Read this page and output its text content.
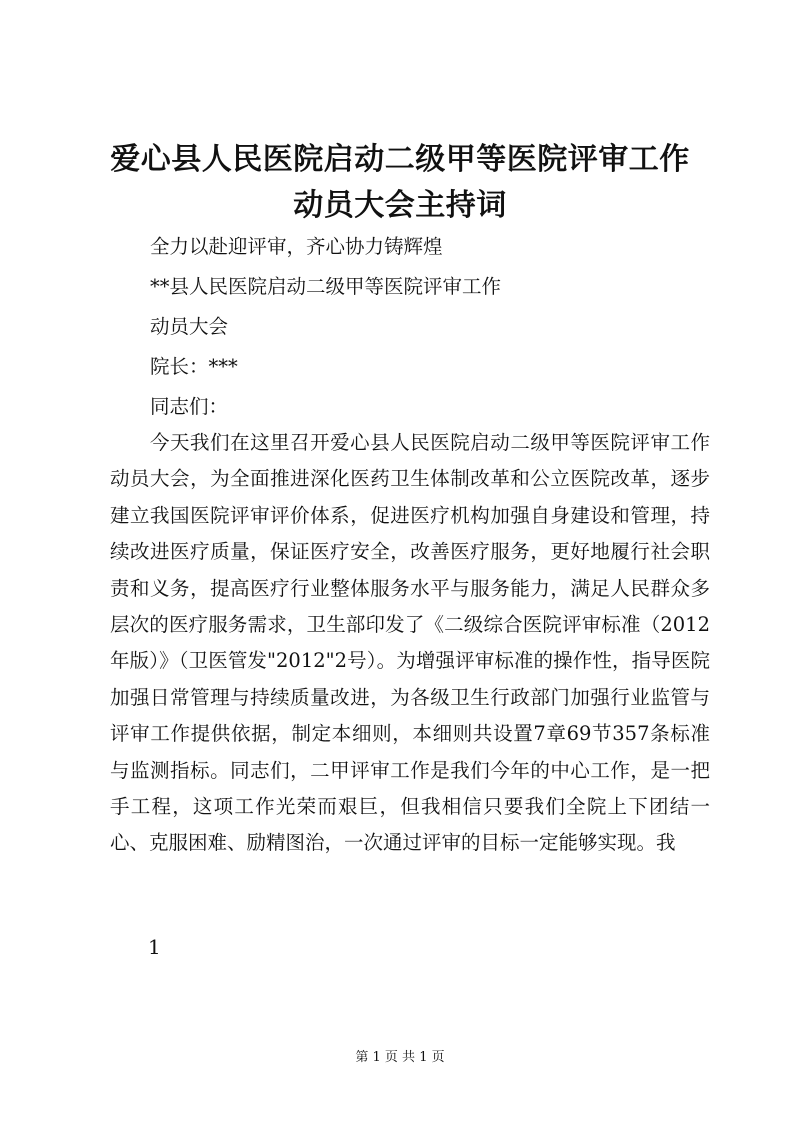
爱心县人民医院启动二级甲等医院评审工作动员大会主持词

全力以赴迎评审，齐心协力铸辉煌

**县人民医院启动二级甲等医院评审工作

动员大会

院长：***

同志们：

今天我们在这里召开爱心县人民医院启动二级甲等医院评审工作动员大会，为全面推进深化医药卫生体制改革和公立医院改革，逐步建立我国医院评审评价体系，促进医疗机构加强自身建设和管理，持续改进医疗质量，保证医疗安全，改善医疗服务，更好地履行社会职责和义务，提高医疗行业整体服务水平与服务能力，满足人民群众多层次的医疗服务需求，卫生部印发了《二级综合医院评审标准（2012年版）》（卫医管发"2012"2号）。为增强评审标准的操作性，指导医院加强日常管理与持续质量改进，为各级卫生行政部门加强行业监管与评审工作提供依据，制定本细则，本细则共设置7章69节357条标准与监测指标。同志们，二甲评审工作是我们今年的中心工作，是一把手工程，这项工作光荣而艰巨，但我相信只要我们全院上下团结一心、克服困难、励精图治，一次通过评审的目标一定能够实现。我

1

第 1 页 共 1 页
